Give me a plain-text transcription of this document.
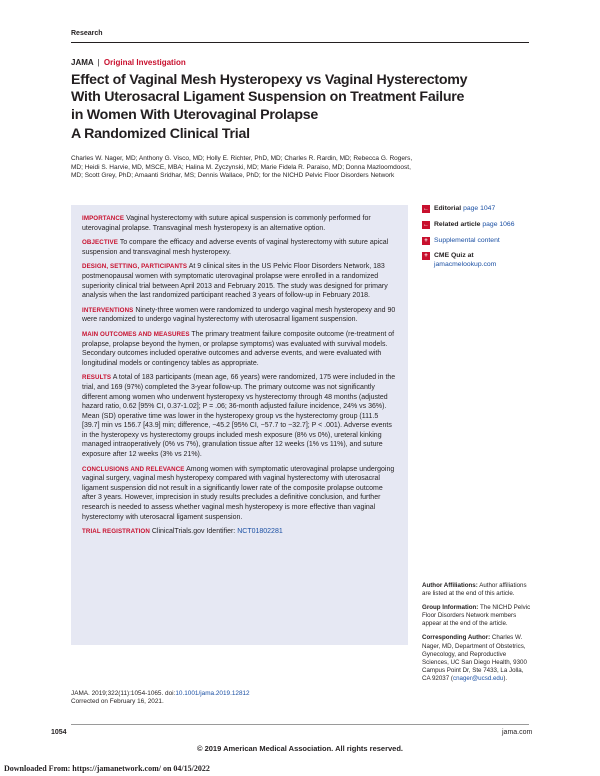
Research
JAMA | Original Investigation
Effect of Vaginal Mesh Hysteropexy vs Vaginal Hysterectomy With Uterosacral Ligament Suspension on Treatment Failure in Women With Uterovaginal Prolapse
A Randomized Clinical Trial
Charles W. Nager, MD; Anthony G. Visco, MD; Holly E. Richter, PhD, MD; Charles R. Rardin, MD; Rebecca G. Rogers, MD; Heidi S. Harvie, MD, MSCE, MBA; Halina M. Zyczynski, MD; Marie Fidela R. Paraiso, MD; Donna Mazloomdoost, MD; Scott Grey, PhD; Amaanti Sridhar, MS; Dennis Wallace, PhD; for the NICHD Pelvic Floor Disorders Network

IMPORTANCE Vaginal hysterectomy with suture apical suspension is commonly performed for uterovaginal prolapse. Transvaginal mesh hysteropexy is an alternative option.

OBJECTIVE To compare the efficacy and adverse events of vaginal hysterectomy with suture apical suspension and transvaginal mesh hysteropexy.

DESIGN, SETTING, PARTICIPANTS At 9 clinical sites in the US Pelvic Floor Disorders Network, 183 postmenopausal women with symptomatic uterovaginal prolapse were enrolled in a randomized superiority clinical trial between April 2013 and February 2015. The study was designed for primary analysis when the last randomized participant reached 3 years of follow-up in February 2018.

INTERVENTIONS Ninety-three women were randomized to undergo vaginal mesh hysteropexy and 90 were randomized to undergo vaginal hysterectomy with uterosacral ligament suspension.

MAIN OUTCOMES AND MEASURES The primary treatment failure composite outcome (re-treatment of prolapse, prolapse beyond the hymen, or prolapse symptoms) was evaluated with survival models. Secondary outcomes included operative outcomes and adverse events, and were evaluated with longitudinal models or contingency tables as appropriate.

RESULTS A total of 183 participants (mean age, 66 years) were randomized, 175 were included in the trial, and 169 (97%) completed the 3-year follow-up. The primary outcome was not significantly different among women who underwent hysteropexy vs hysterectomy through 48 months (adjusted hazard ratio, 0.62 [95% CI, 0.37-1.02]; P = .06; 36-month adjusted failure incidence, 24% vs 36%). Mean (SD) operative time was lower in the hysteropexy group vs the hysterectomy group (111.5 [39.7] min vs 156.7 [43.9] min; difference, −45.2 [95% CI, −57.7 to −32.7]; P < .001). Adverse events in the hysteropexy vs hysterectomy groups included mesh exposure (8% vs 0%), ureteral kinking managed intraoperatively (0% vs 7%), granulation tissue after 12 weeks (1% vs 11%), and suture exposure after 12 weeks (3% vs 21%).

CONCLUSIONS AND RELEVANCE Among women with symptomatic uterovaginal prolapse undergoing vaginal surgery, vaginal mesh hysteropexy compared with vaginal hysterectomy with uterosacral ligament suspension did not result in a significantly lower rate of the composite prolapse outcome after 3 years. However, imprecision in study results precludes a definitive conclusion, and further research is needed to assess whether vaginal mesh hysteropexy is more effective than vaginal hysterectomy with uterosacral ligament suspension.

TRIAL REGISTRATION ClinicalTrials.gov Identifier: NCT01802281

← Editorial page 1047
← Related article page 1066
+ Supplemental content
+ CME Quiz at
jamacmelookup.com

Author Affiliations: Author affiliations are listed at the end of this article.

Group Information: The NICHD Pelvic Floor Disorders Network members appear at the end of the article.

Corresponding Author: Charles W. Nager, MD, Department of Obstetrics, Gynecology, and Reproductive Sciences, UC San Diego Health, 9300 Campus Point Dr, Ste 7433, La Jolla, CA 92037 (cnager@ucsd.edu).

JAMA. 2019;322(11):1054-1065. doi:10.1001/jama.2019.12812
Corrected on February 16, 2021.
1054	jama.com
© 2019 American Medical Association. All rights reserved.
Downloaded From: https://jamanetwork.com/ on 04/15/2022
